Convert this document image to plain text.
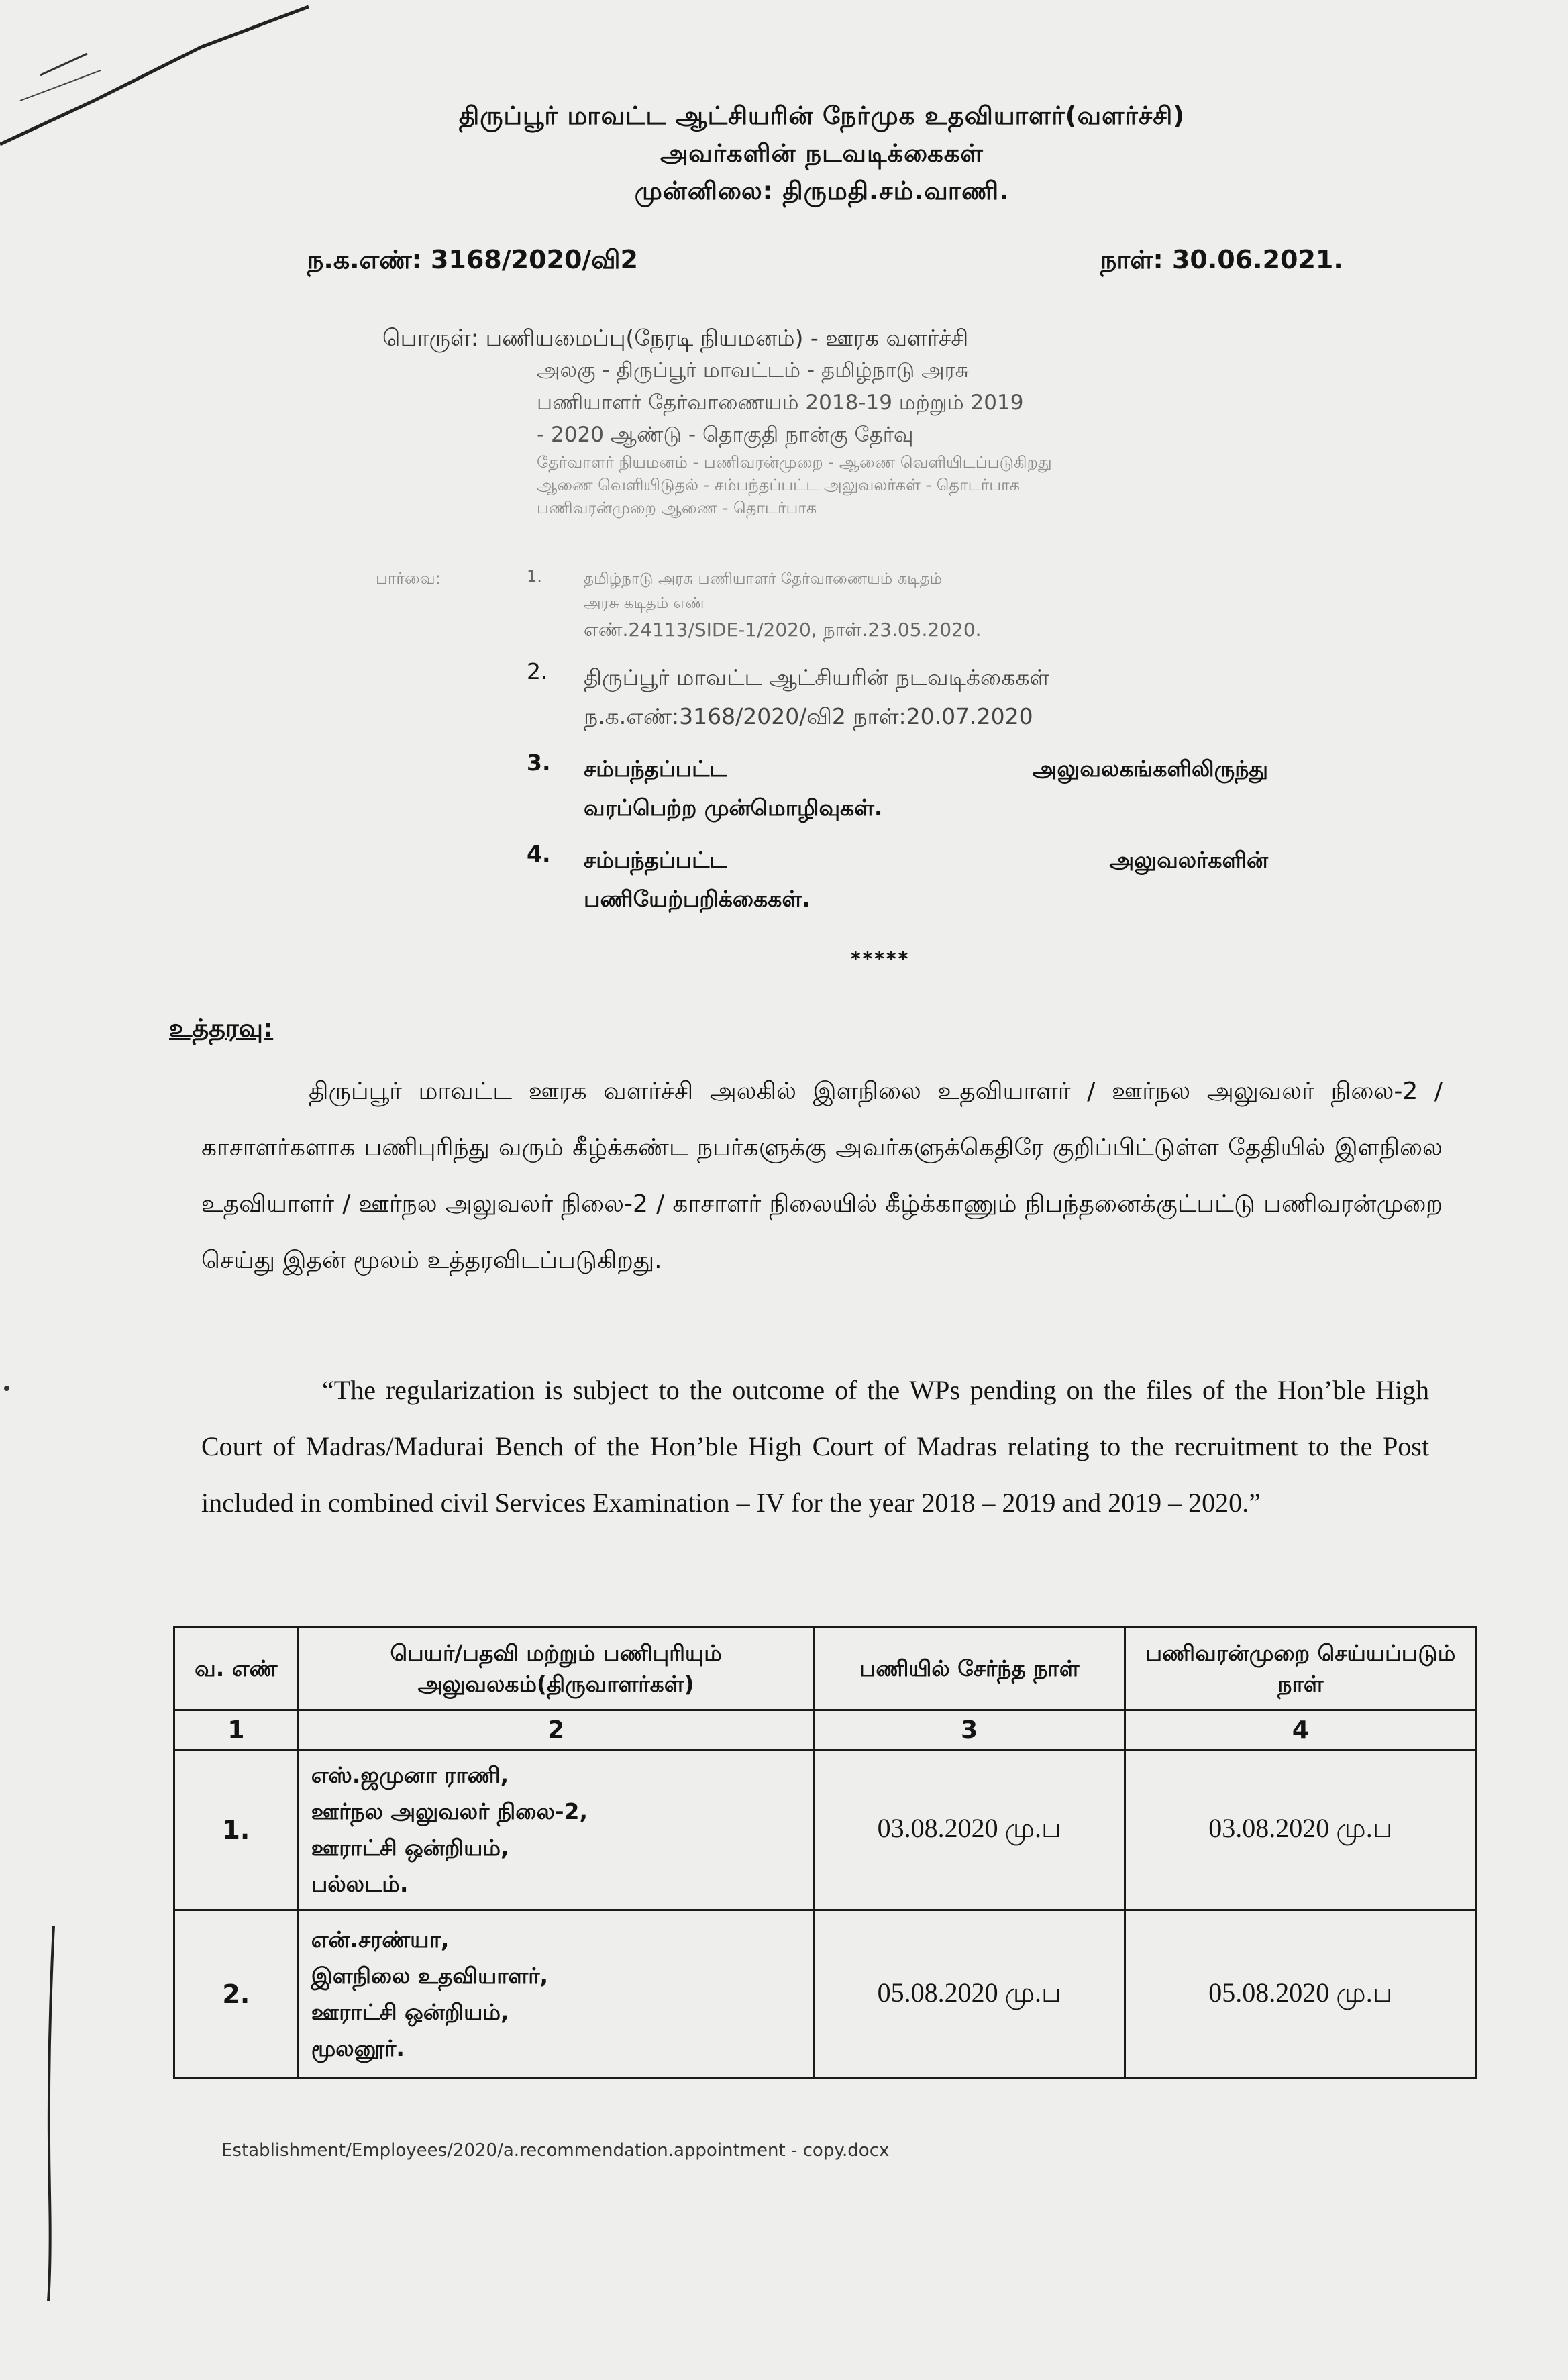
திருப்பூர் மாவட்ட ஆட்சியரின் நேர்முக உதவியாளர்(வளர்ச்சி)
அவர்களின் நடவடிக்கைகள்
முன்னிலை: திருமதி.சம்.வாணி.
ந.க.எண்: 3168/2020/வி2	நாள்: 30.06.2021.
பொருள்: பணியமைப்பு(நேரடி நியமனம்) - ஊரக வளர்ச்சி
அலகு - திருப்பூர் மாவட்டம் - தமிழ்நாடு அரசு
பணியாளர் தேர்வாணையம் 2018-19 மற்றும் 2019
- 2020 ஆண்டு - தொகுதி நான்கு தேர்வு
தேர்வாளர் நியமனம் - பணிவரன்முறை - ஆணை வெளியிடப்படுகிறது
ஆணை வெளியிடுதல் - சம்பந்தப்பட்ட அலுவலர்கள் - தொடர்பாக
பணிவரன்முறை ஆணை - தொடர்பாக
பார்வை:	1.	தமிழ்நாடு அரசு பணியாளர் தேர்வாணையம் கடிதம்
அரசு கடிதம் எண்
எண்.24113/SIDE-1/2020, நாள்.23.05.2020.
2. திருப்பூர் மாவட்ட ஆட்சியரின் நடவடிக்கைகள்
ந.க.எண்:3168/2020/வி2 நாள்:20.07.2020
3. சம்பந்தப்பட்ட	அலுவலகங்களிலிருந்து
வரப்பெற்ற முன்மொழிவுகள்.
4. சம்பந்தப்பட்ட	அலுவலர்களின்
பணியேற்பறிக்கைகள்.
*****
உத்தரவு:
திருப்பூர் மாவட்ட ஊரக வளர்ச்சி அலகில் இளநிலை உதவியாளர் / ஊர்நல அலுவலர் நிலை-2 / காசாளர்களாக பணிபுரிந்து வரும் கீழ்க்கண்ட நபர்களுக்கு அவர்களுக்கெதிரே குறிப்பிட்டுள்ள தேதியில் இளநிலை உதவியாளர் / ஊர்நல அலுவலர் நிலை-2 / காசாளர் நிலையில் கீழ்க்காணும் நிபந்தனைக்குட்பட்டு பணிவரன்முறை செய்து இதன் மூலம் உத்தரவிடப்படுகிறது.
“The regularization is subject to the outcome of the WPs pending on the files of the Hon’ble High Court of Madras/Madurai Bench of the Hon’ble High Court of Madras relating to the recruitment to the Post included in combined civil Services Examination – IV for the year 2018 – 2019 and 2019 – 2020.”
வ. எண்	பெயர்/பதவி மற்றும் பணிபுரியும் அலுவலகம்(திருவாளர்கள்)	பணியில் சேர்ந்த நாள்	பணிவரன்முறை செய்யப்படும் நாள்
1	2	3	4
1.	எஸ்.ஜமுனா ராணி,
ஊர்நல அலுவலர் நிலை-2,
ஊராட்சி ஒன்றியம்,
பல்லடம்.	03.08.2020 மு.ப	03.08.2020 மு.ப
2.	என்.சரண்யா,
இளநிலை உதவியாளர்,
ஊராட்சி ஒன்றியம்,
மூலனூர்.	05.08.2020 மு.ப	05.08.2020 மு.ப
Establishment/Employees/2020/a.recommendation.appointment - copy.docx
